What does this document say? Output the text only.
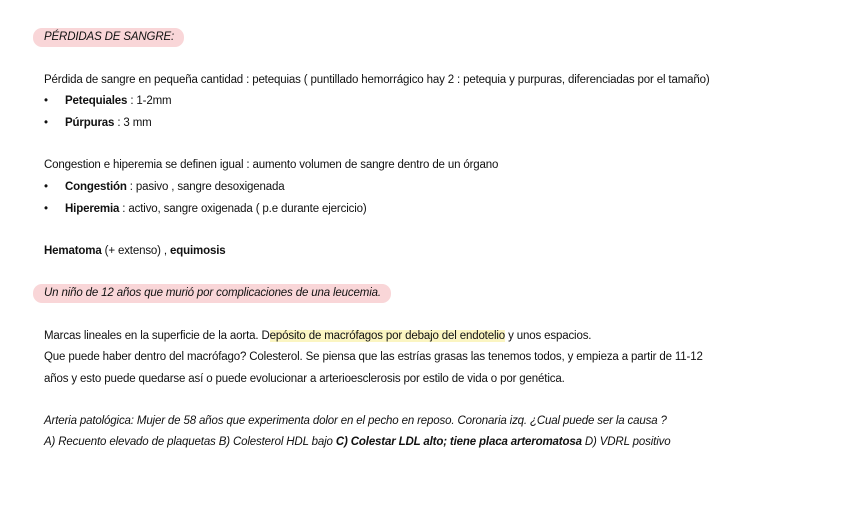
PÉRDIDAS DE SANGRE:
Pérdida de sangre en pequeña cantidad : petequias ( puntillado hemorrágico hay 2 : petequia y purpuras, diferenciadas por el tamaño)
• Petequiales : 1-2mm
• Púrpuras : 3 mm
Congestion e hiperemia se definen igual : aumento volumen de sangre dentro de un órgano
• Congestión : pasivo , sangre desoxigenada
• Hiperemia : activo, sangre oxigenada ( p.e durante ejercicio)
Hematoma (+ extenso) , equimosis
Un niño de 12 años que murió por complicaciones de una leucemia.
Marcas lineales en la superficie de la aorta. Depósito de macrófagos por debajo del endotelio y unos espacios.
Que puede haber dentro del macrófago? Colesterol. Se piensa que las estrías grasas las tenemos todos, y empieza a partir de 11-12
años y esto puede quedarse así o puede evolucionar a arterioesclerosis por estilo de vida o por genética.
Arteria patológica: Mujer de 58 años que experimenta dolor en el pecho en reposo. Coronaria izq. ¿Cual puede ser la causa ?
A) Recuento elevado de plaquetas B) Colesterol HDL bajo C) Colestar LDL alto; tiene placa arteromatosa D) VDRL positivo
